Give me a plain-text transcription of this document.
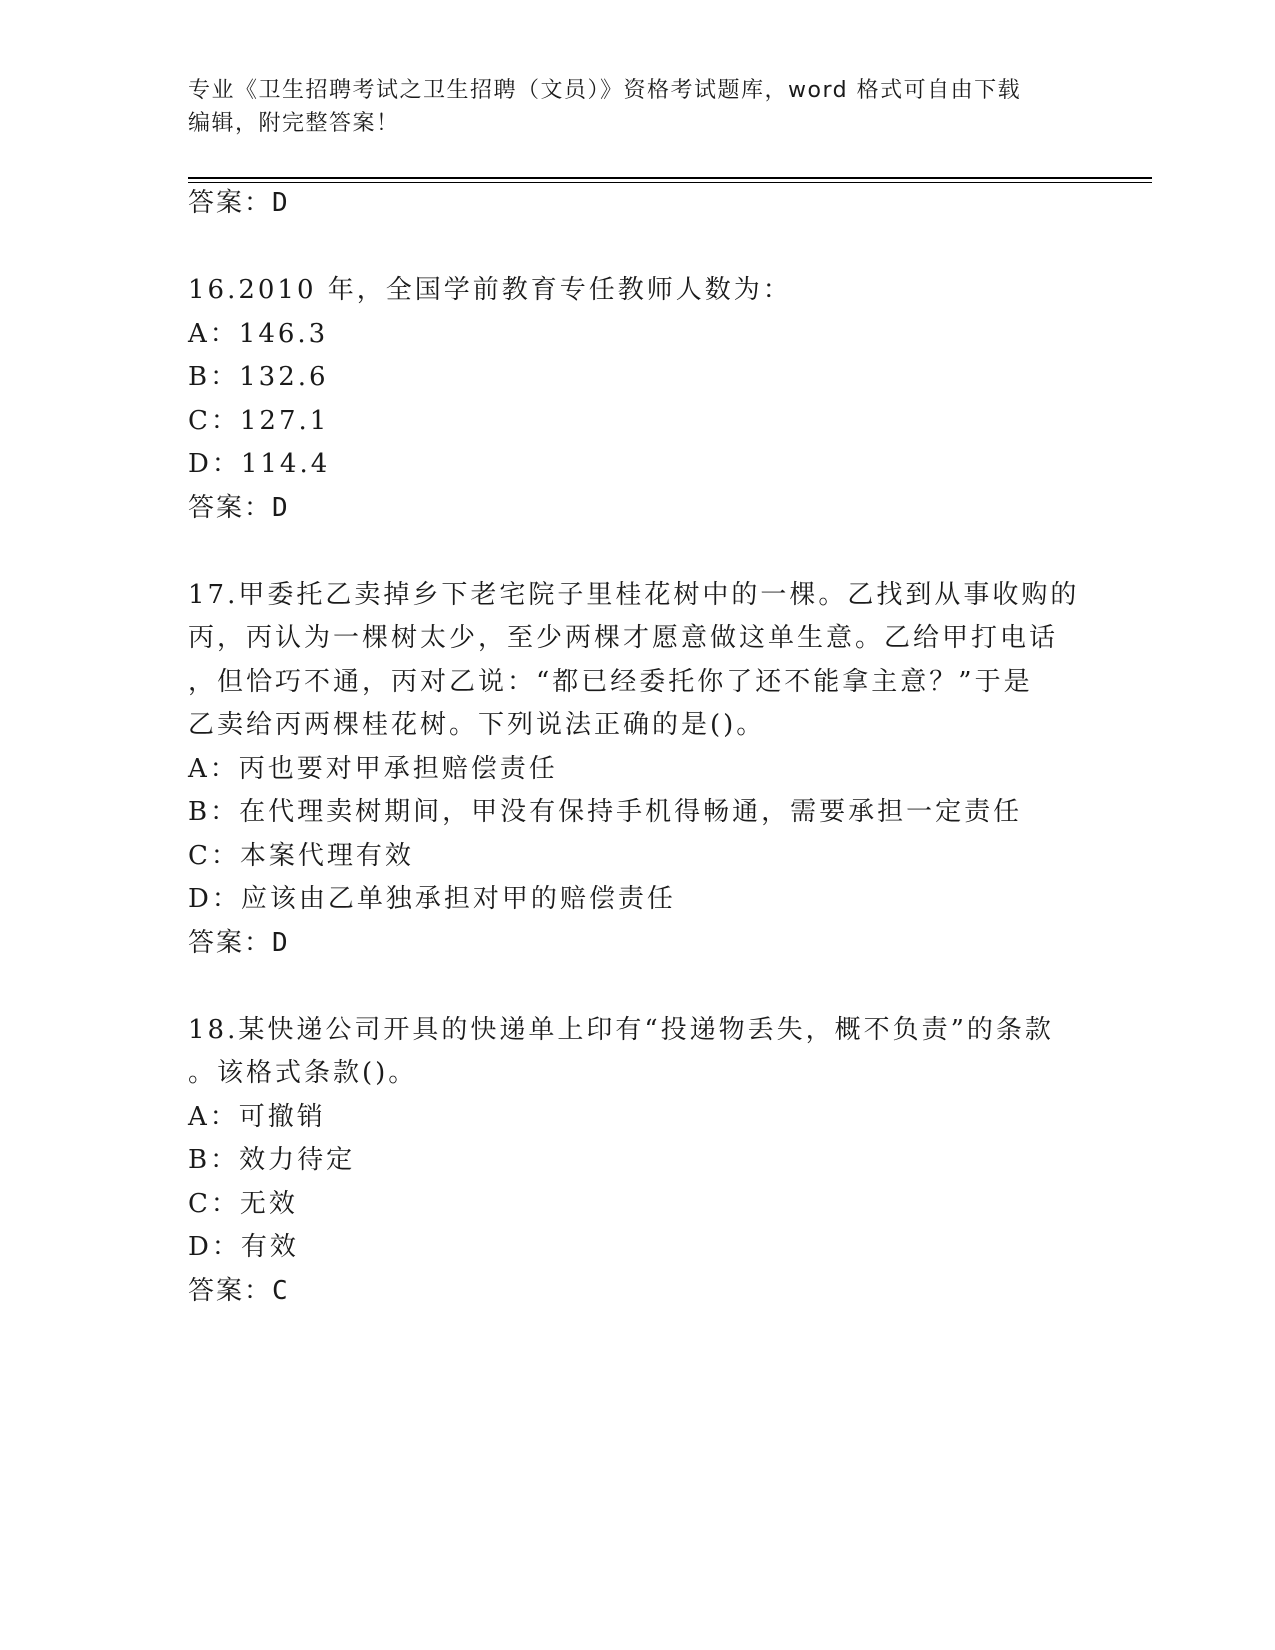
专业《卫生招聘考试之卫生招聘（文员）》资格考试题库，word 格式可自由下载
编辑，附完整答案！
答案：D
16.2010 年，全国学前教育专任教师人数为：
A：146.3
B：132.6
C：127.1
D：114.4
答案：D
17.甲委托乙卖掉乡下老宅院子里桂花树中的一棵。乙找到从事收购的
丙，丙认为一棵树太少，至少两棵才愿意做这单生意。乙给甲打电话
，但恰巧不通，丙对乙说：“都已经委托你了还不能拿主意？”于是
乙卖给丙两棵桂花树。下列说法正确的是()。
A：丙也要对甲承担赔偿责任
B：在代理卖树期间，甲没有保持手机得畅通，需要承担一定责任
C：本案代理有效
D：应该由乙单独承担对甲的赔偿责任
答案：D
18.某快递公司开具的快递单上印有“投递物丢失，概不负责”的条款
。该格式条款()。
A：可撤销
B：效力待定
C：无效
D：有效
答案：C
